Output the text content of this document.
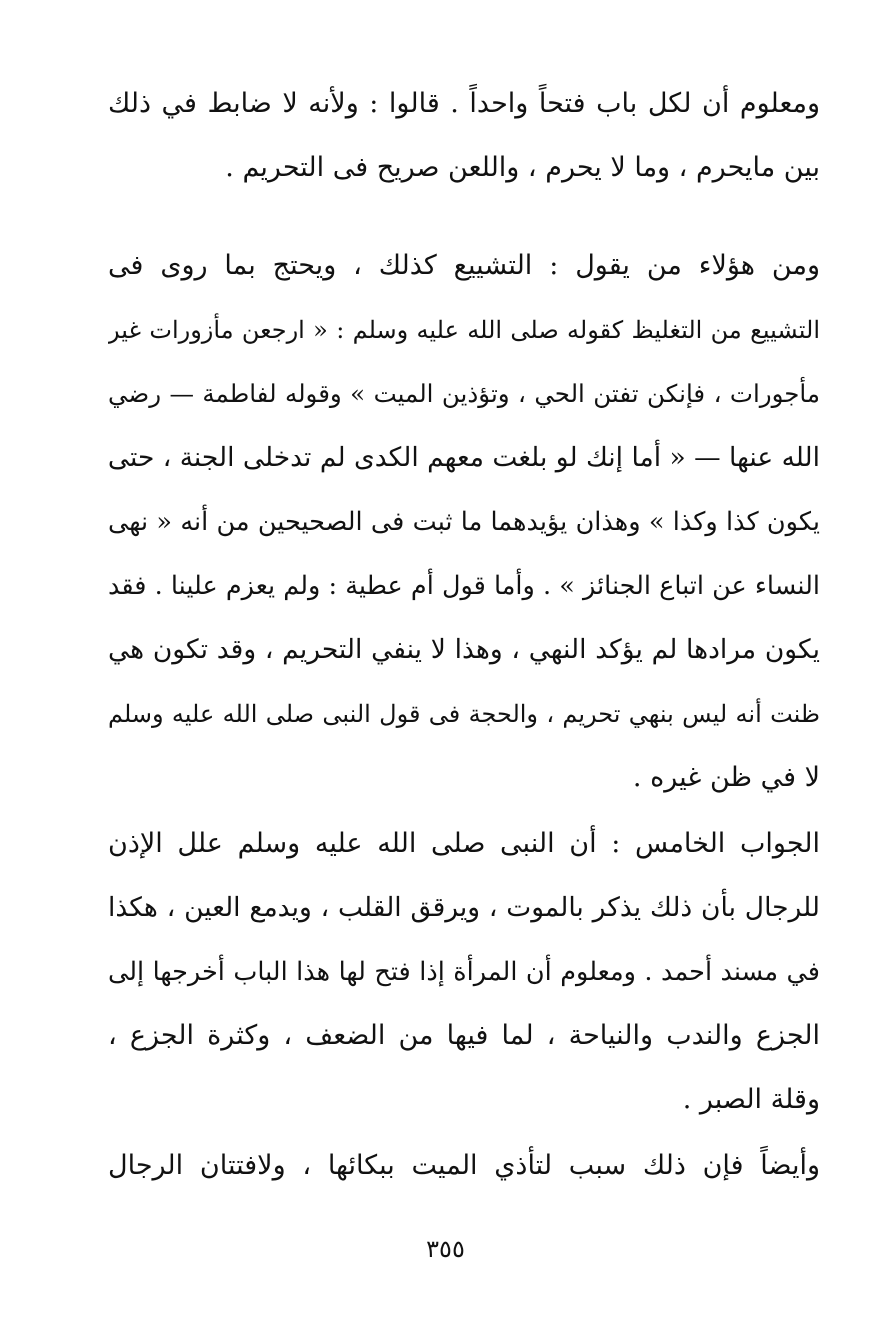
ومعلوم أن لكل باب فتحاً واحداً . قالوا : ولأنه لا ضابط في ذلك
بين مايحرم ، وما لا يحرم ، واللعن صريح فى التحريم .
ومن هؤلاء من يقول : التشييع كذلك ، ويحتج بما روى فى
التشييع من التغليظ كقوله صلى الله عليه وسلم : « ارجعن مأزورات غير
مأجورات ، فإنكن تفتن الحي ، وتؤذين الميت » وقوله لفاطمة — رضي
الله عنها — « أما إنك لو بلغت معهم الكدى لم تدخلى الجنة ، حتى
يكون كذا وكذا » وهذان يؤيدهما ما ثبت فى الصحيحين من أنه « نهى
النساء عن اتباع الجنائز » . وأما قول أم عطية : ولم يعزم علينا . فقد
يكون مرادها لم يؤكد النهي ، وهذا لا ينفي التحريم ، وقد تكون هي
ظنت أنه ليس بنهي تحريم ، والحجة فى قول النبى صلى الله عليه وسلم
لا في ظن غيره .
الجواب الخامس : أن النبى صلى الله عليه وسلم علل الإذن
للرجال بأن ذلك يذكر بالموت ، ويرقق القلب ، ويدمع العين ، هكذا
في مسند أحمد . ومعلوم أن المرأة إذا فتح لها هذا الباب أخرجها إلى
الجزع والندب والنياحة ، لما فيها من الضعف ، وكثرة الجزع ،
وقلة الصبر .
وأيضاً فإن ذلك سبب لتأذي الميت ببكائها ، ولافتتان الرجال
٣٥٥
